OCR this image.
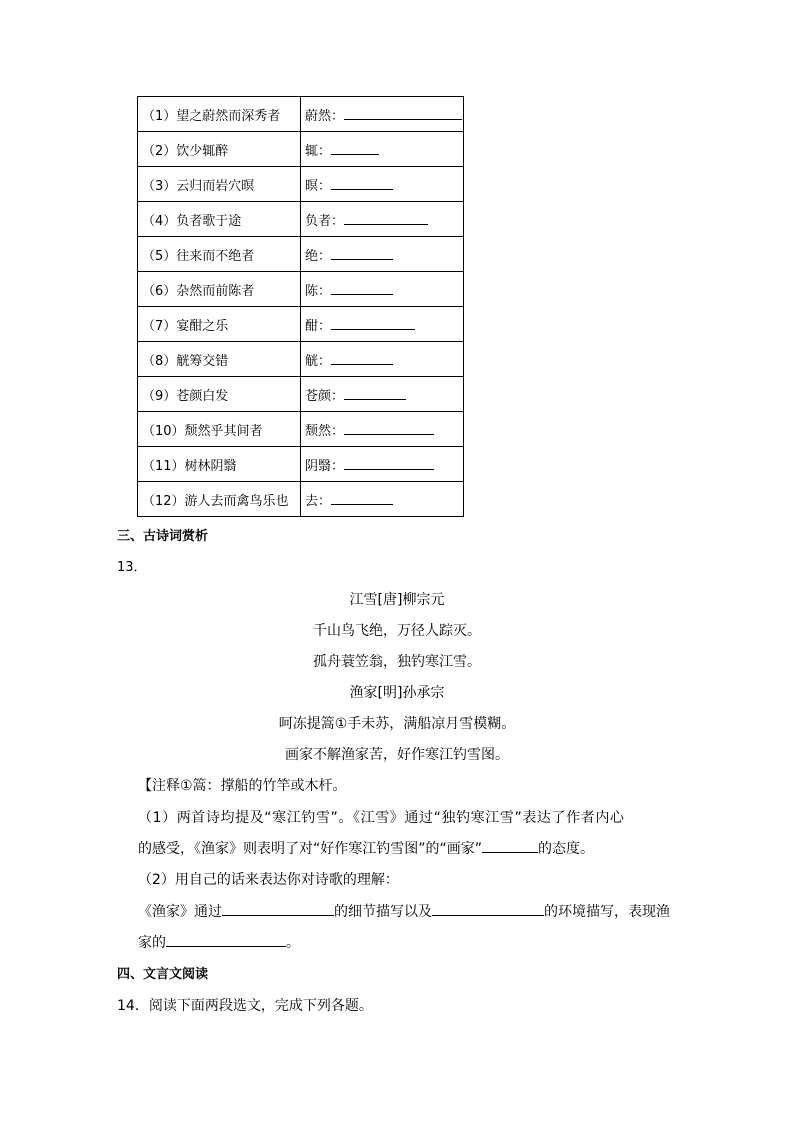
（1）望之蔚然而深秀者	蔚然：
（2）饮少辄醉	辄：
（3）云归而岩穴暝	暝：
（4）负者歌于途	负者：
（5）往来而不绝者	绝：
（6）杂然而前陈者	陈：
（7）宴酣之乐	酣：
（8）觥筹交错	觥：
（9）苍颜白发	苍颜：
（10）颓然乎其间者	颓然：
（11）树林阴翳	阴翳：
（12）游人去而禽鸟乐也	去：
三、古诗词赏析
13．
江雪[唐]柳宗元
千山鸟飞绝，万径人踪灭。
孤舟蓑笠翁，独钓寒江雪。
渔家[明]孙承宗
呵冻提篙①手未苏，满船凉月雪模糊。
画家不解渔家苦，好作寒江钓雪图。
【注释①篙：撑船的竹竿或木杆。
（1）两首诗均提及“寒江钓雪”。《江雪》通过“独钓寒江雪”表达了作者内心
的感受，《渔家》则表明了对“好作寒江钓雪图”的“画家”	的态度。
（2）用自己的话来表达你对诗歌的理解：
《渔家》通过	的细节描写以及	的环境描写，表现渔
家的	。
四、文言文阅读
14．阅读下面两段选文，完成下列各题。
